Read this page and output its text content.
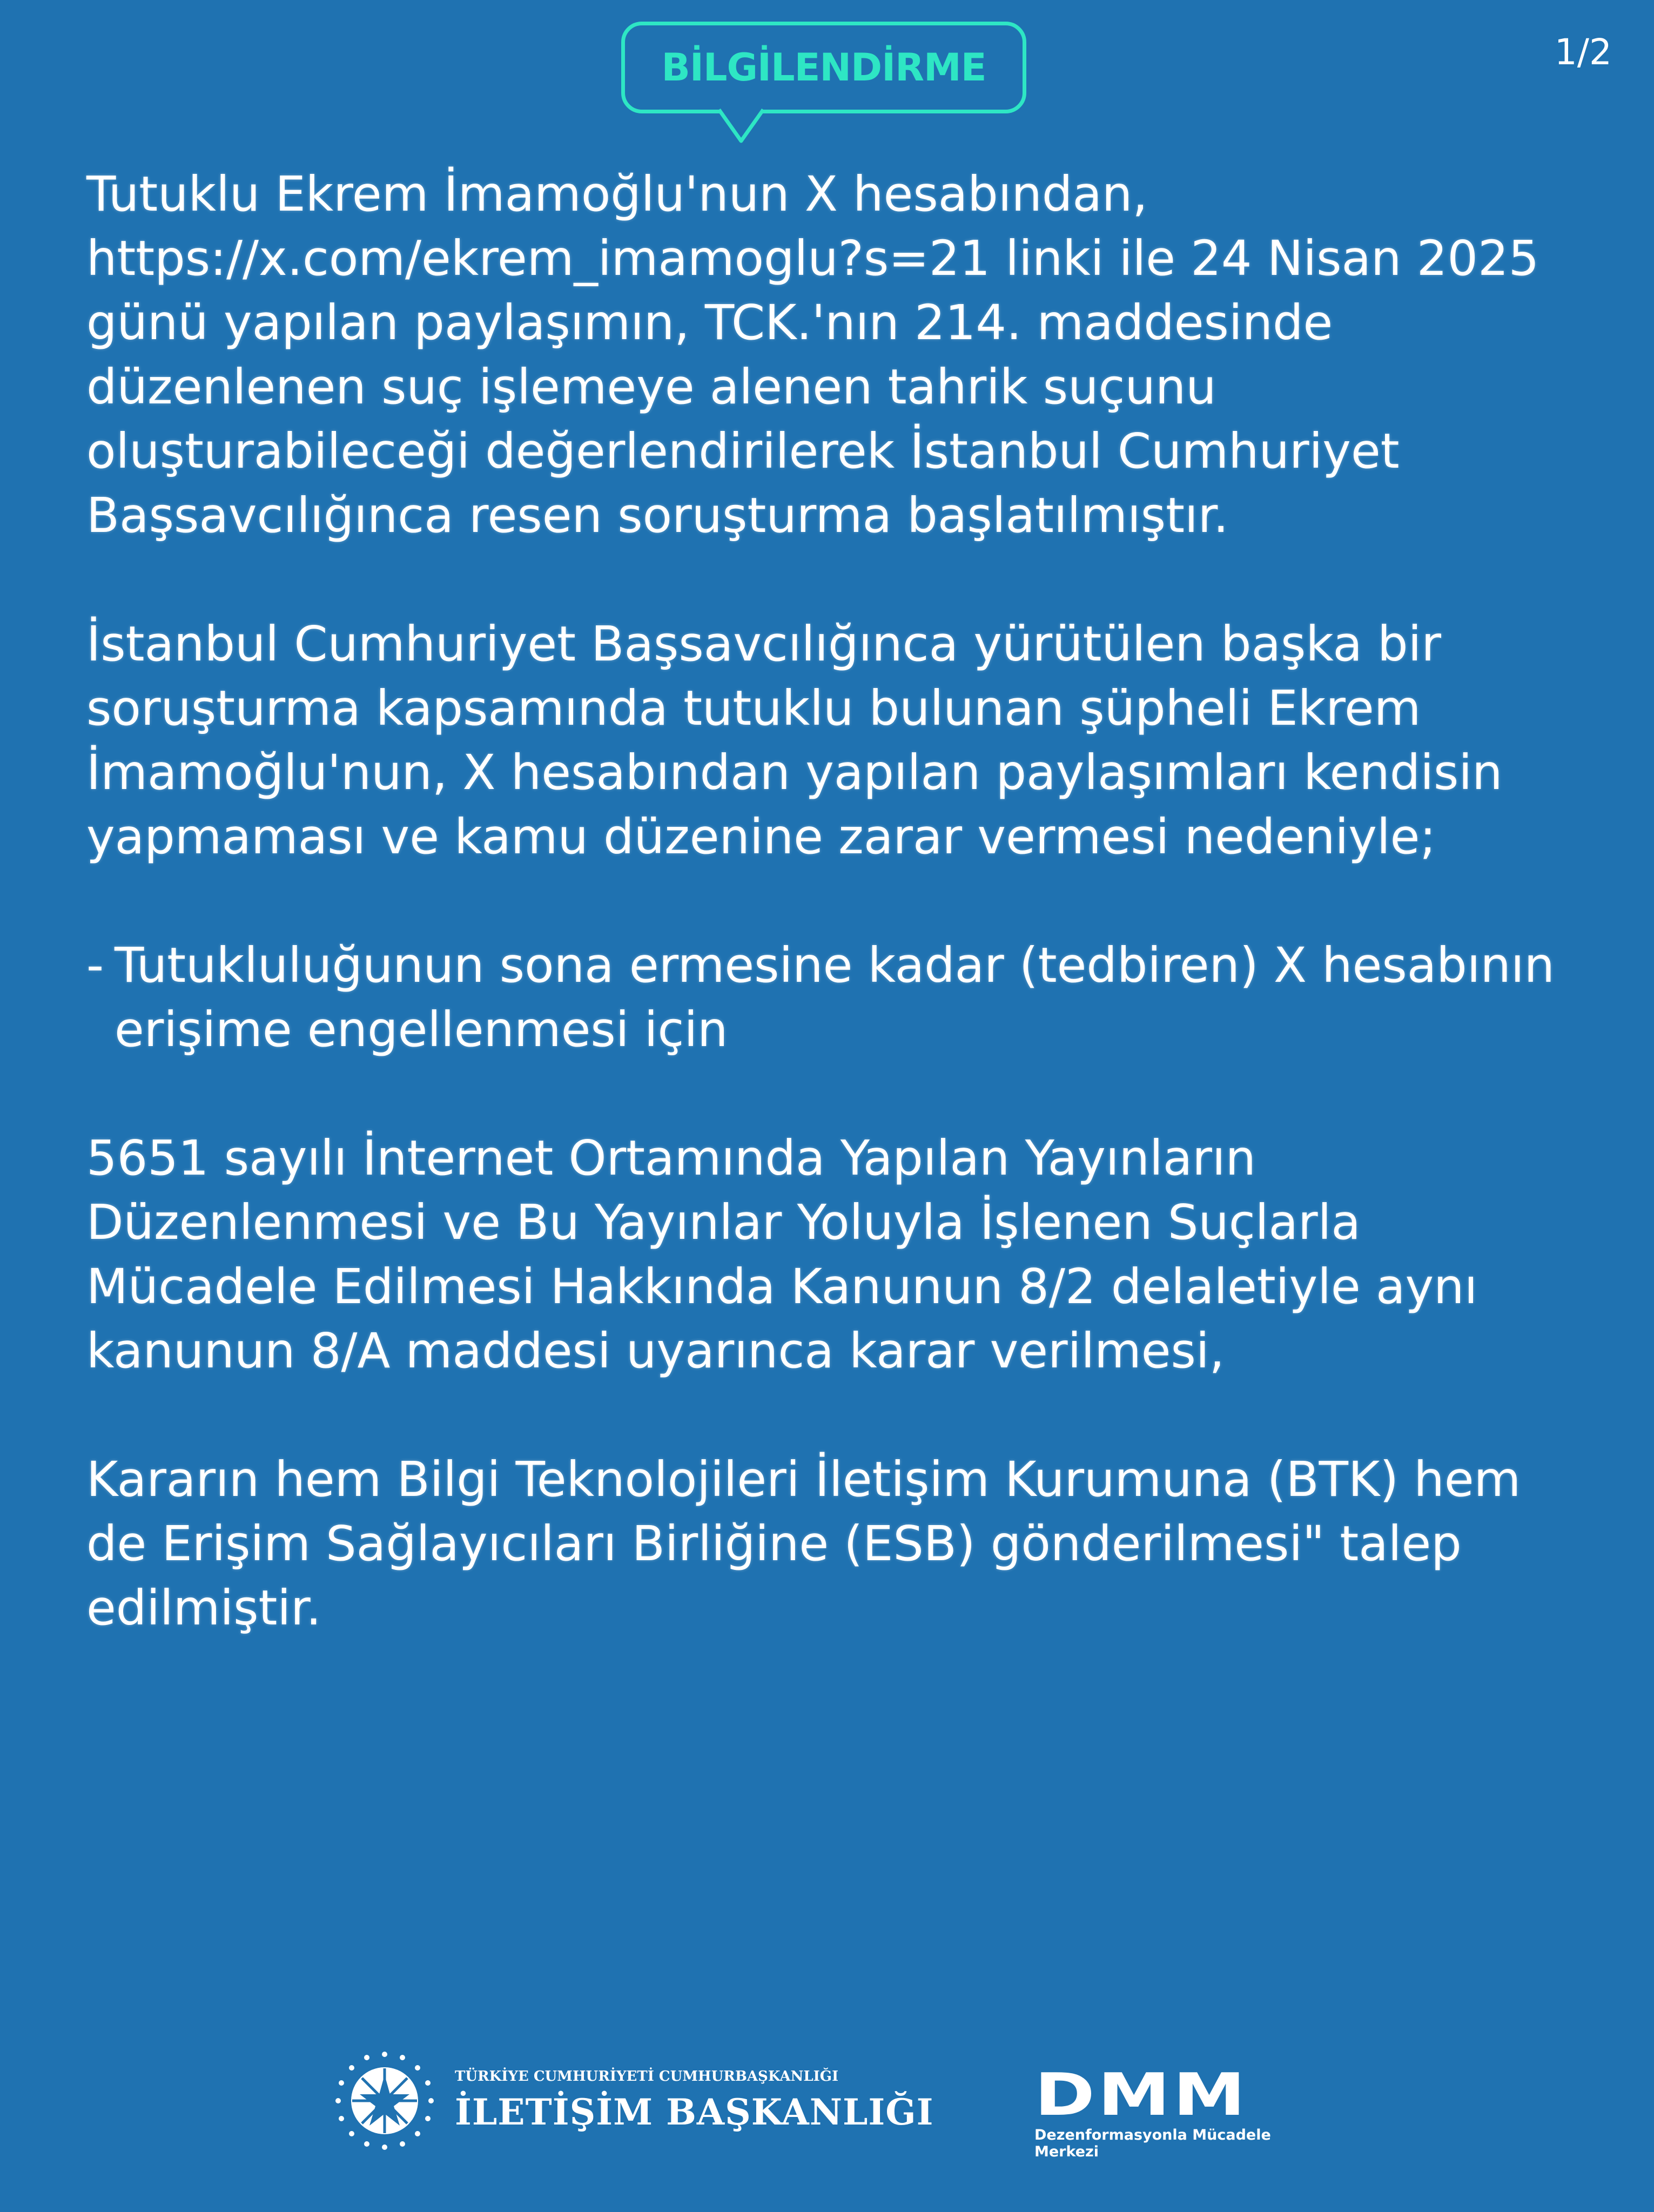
1/2
BİLGİLENDİRME

Tutuklu Ekrem İmamoğlu'nun X hesabından, https://x.com/ekrem_imamoglu?s=21 linki ile 24 Nisan 2025 günü yapılan paylaşımın, TCK.'nın 214. maddesinde düzenlenen suç işlemeye alenen tahrik suçunu oluşturabileceği değerlendirilerek İstanbul Cumhuriyet Başsavcılığınca resen soruşturma başlatılmıştır.

İstanbul Cumhuriyet Başsavcılığınca yürütülen başka bir soruşturma kapsamında tutuklu bulunan şüpheli Ekrem İmamoğlu'nun, X hesabından yapılan paylaşımları kendisin yapmaması ve kamu düzenine zarar vermesi nedeniyle;

- Tutukluluğunun sona ermesine kadar (tedbiren) X hesabının erişime engellenmesi için

5651 sayılı İnternet Ortamında Yapılan Yayınların Düzenlenmesi ve Bu Yayınlar Yoluyla İşlenen Suçlarla Mücadele Edilmesi Hakkında Kanunun 8/2 delaletiyle aynı kanunun 8/A maddesi uyarınca karar verilmesi,

Kararın hem Bilgi Teknolojileri İletişim Kurumuna (BTK) hem de Erişim Sağlayıcıları Birliğine (ESB) gönderilmesi" talep edilmiştir.

TÜRKİYE CUMHURİYETİ CUMHURBAŞKANLIĞI
İLETİŞİM BAŞKANLIĞI DMM
Dezenformasyonla Mücadele Merkezi
